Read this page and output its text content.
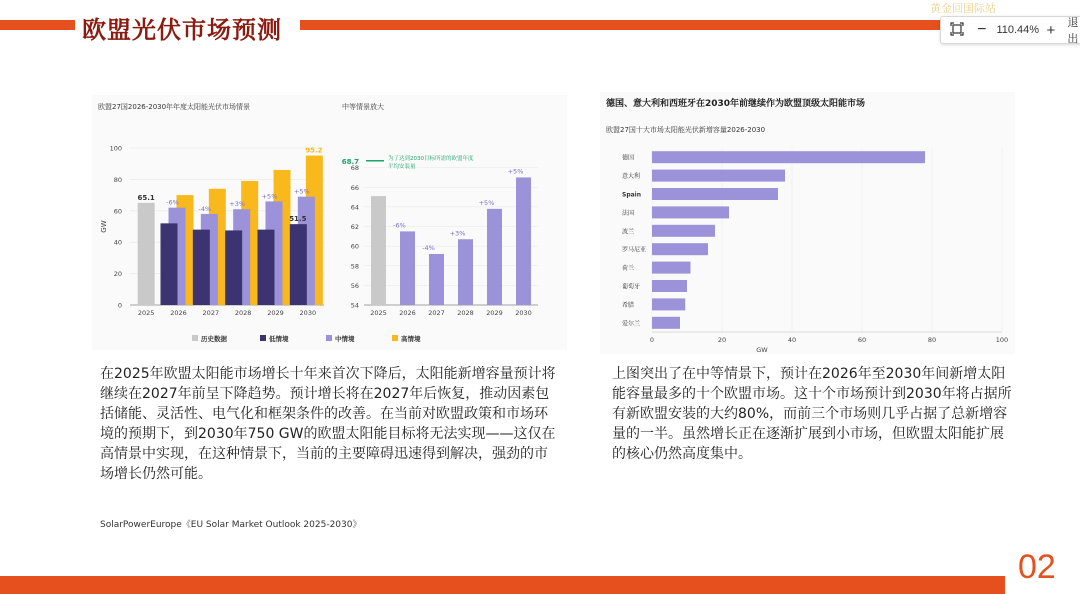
欧盟光伏市场预测
黄金回国际站
− 110.44% + 退出
欧盟27国2026-2030年年度太阳能光伏市场情景
0
20
40
60
80
100
GW
2025
65.1
2026
-6%
2027
-4%
2028
+3%
2029
+5%
2030
+5%
95.2
51.5
历史数据	低情境	中情境	高情境
中等情景放大
54
56
58
60
62
64
66
68
2025 2026
-6%
2027
-4%
2028
+3%
2029
+5%
2030
+5%
68.7	为了达到2030目标所需的欧盟年度
平均安装量
德国、意大利和西班牙在2030年前继续作为欧盟顶级太阳能市场
欧盟27国十大市场太阳能光伏新增容量2026-2030
0	20	40	60	80	100
GW
德国
意大利
Spain
法国
波兰
罗马尼亚
荷兰
葡萄牙
希腊
爱尔兰
在2025年欧盟太阳能市场增长十年来首次下降后，太阳能新增容量预计将继续在2027年前呈下降趋势。预计增长将在2027年后恢复，推动因素包括储能、灵活性、电气化和框架条件的改善。在当前对欧盟政策和市场环境的预期下，到2030年750 GW的欧盟太阳能目标将无法实现——这仅在高情景中实现，在这种情景下，当前的主要障碍迅速得到解决，强劲的市场增长仍然可能。
上图突出了在中等情景下，预计在2026年至2030年间新增太阳能容量最多的十个欧盟市场。这十个市场预计到2030年将占据所有新欧盟安装的大约80%，而前三个市场则几乎占据了总新增容量的一半。虽然增长正在逐渐扩展到小市场，但欧盟太阳能扩展的核心仍然高度集中。
SolarPowerEurope《EU Solar Market Outlook 2025-2030》
02
